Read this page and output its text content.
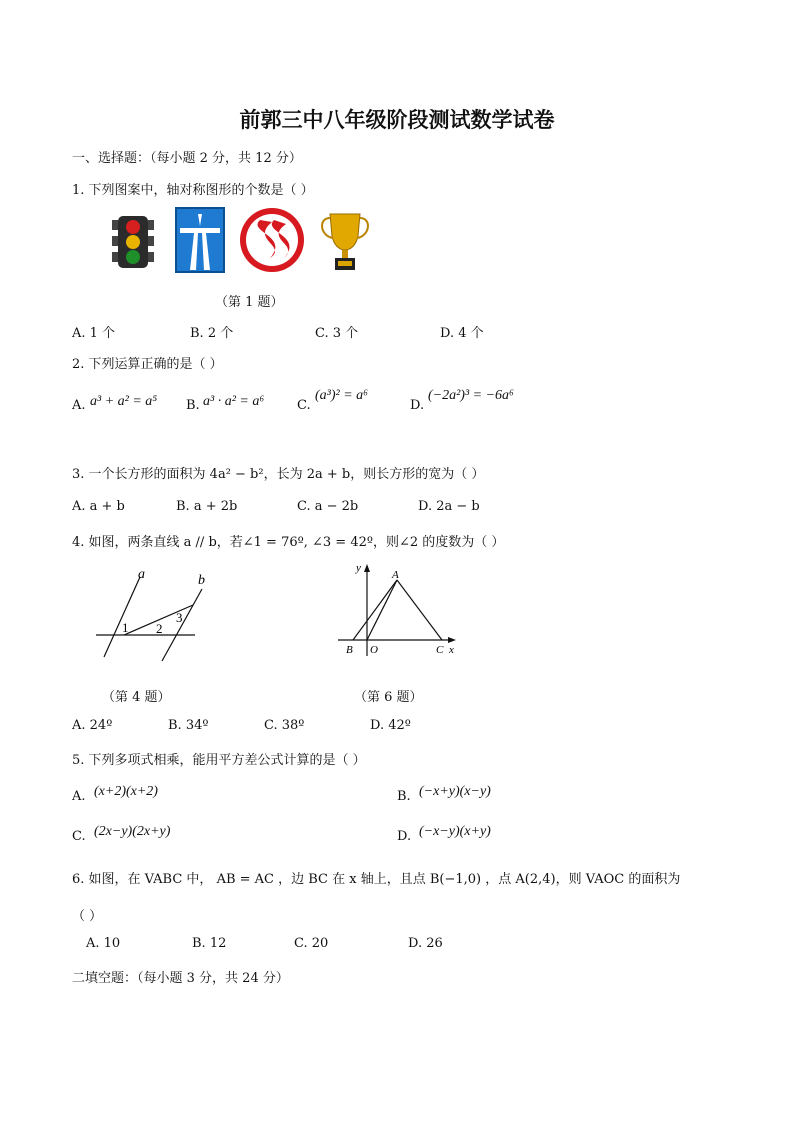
前郭三中八年级阶段测试数学试卷
一、选择题：（每小题 2 分，共 12 分）
1. 下列图案中，轴对称图形的个数是（ ）
（第 1 题）
A. 1 个	B. 2 个	C. 3 个	D. 4 个
2. 下列运算正确的是（ ）
A. a³ + a² = a⁵ B. a³ · a² = a⁶	C.
(a³)² = a⁶
D.
(−2a²)³ = −6a⁶
3. 一个长方形的面积为 4a² − b²，长为 2a + b，则长方形的宽为（ ）
A. a + b	B. a + 2b	C. a − 2b	D. 2a − b
4. 如图，两条直线 a // b，若∠1 = 76º, ∠3 = 42º，则∠2 的度数为（ ）
a	b
1 2
3
y
A
B O	C x
（第 4 题）	（第 6 题）
A. 24º	B. 34º	C. 38º	D. 42º
5. 下列多项式相乘，能用平方差公式计算的是（ ）
A. (x+2)(x+2)	B. (−x+y)(x−y)
C. (2x−y)(2x+y)	D. (−x−y)(x+y)
6. 如图，在 VABC 中， AB = AC ，边 BC 在 x 轴上，且点 B(−1,0) ，点 A(2,4)，则 VAOC 的面积为
（ ）
A. 10	B. 12	C. 20	D. 26
二填空题：（每小题 3 分，共 24 分）
